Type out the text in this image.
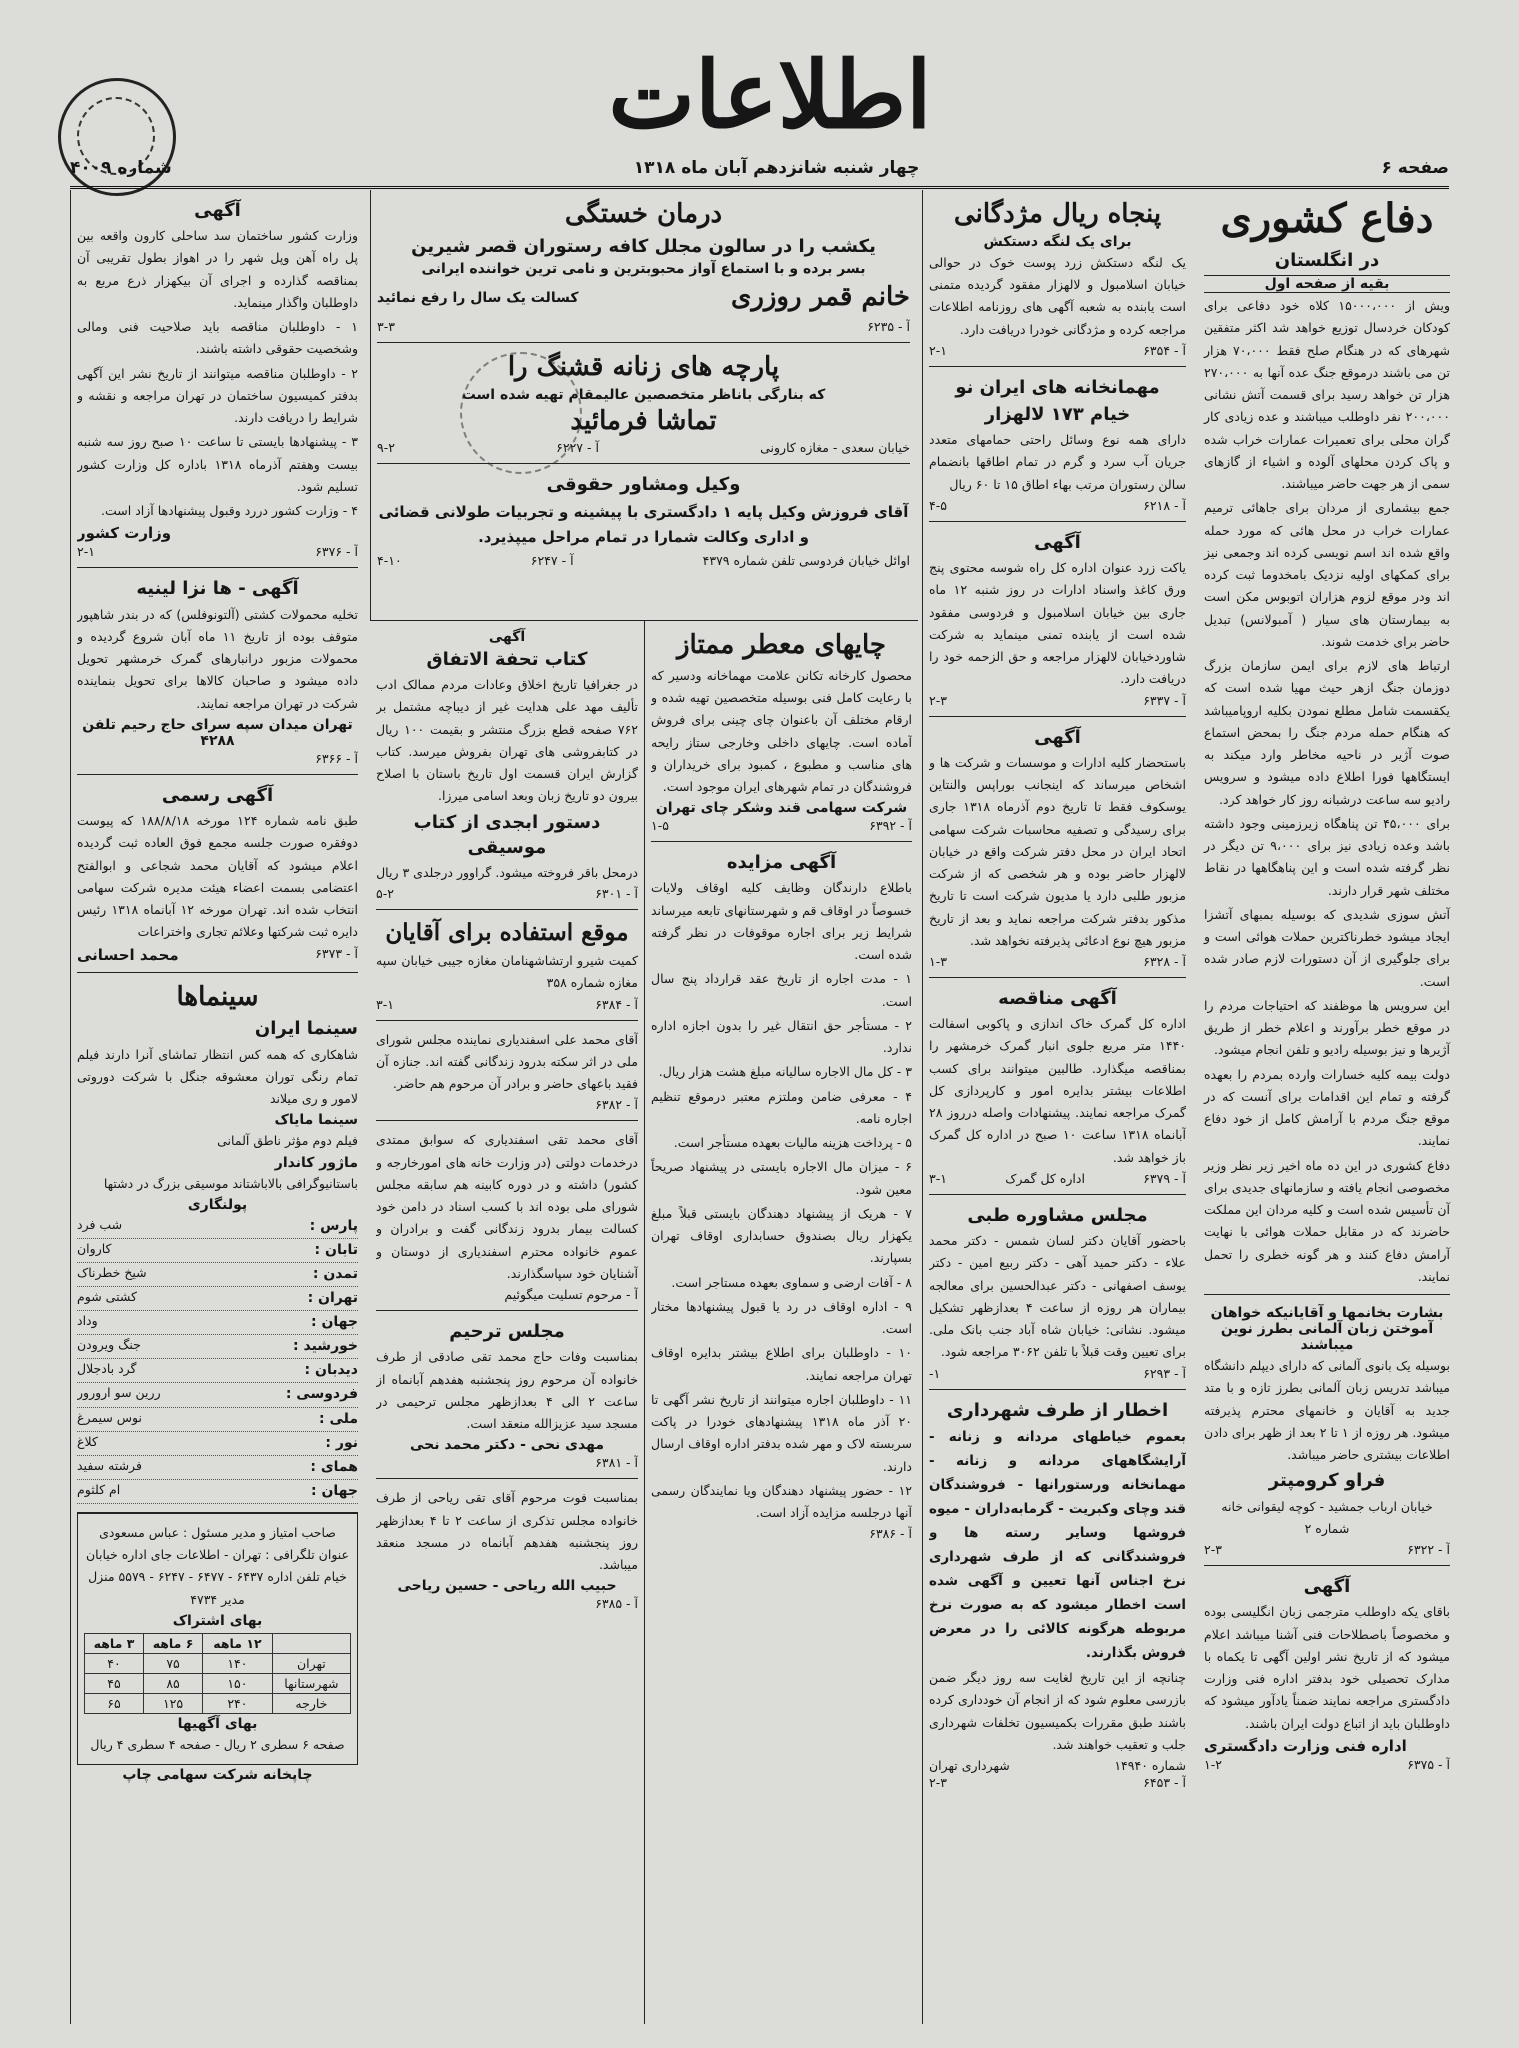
اطلاعات
صفحه ۶
چهار شنبه شانزدهم آبان ماه ۱۳۱۸
شماره ۴۰۰۹
دفاع کشوری
در انگلستان
بقیه از صفحه اول

ویش از ۱۵۰۰۰،۰۰۰ کلاه خود دفاعی برای کودکان خردسال توزیع خواهد شد اکثر متفقین شهرهای که در هنگام صلح فقط ۷۰،۰۰۰ هزار تن می باشند درموقع جنگ عده آنها به ۲۷۰،۰۰۰ هزار تن خواهد رسید برای قسمت آتش نشانی ۲۰۰،۰۰۰ نفر داوطلب میباشند و عده زیادی کار گران محلی برای تعمیرات عمارات خراب شده و پاک کردن محلهای آلوده و اشیاء از گازهای سمی از هر جهت حاضر میباشند.

جمع بیشماری از مردان برای جاهائی ترمیم عمارات خراب در محل هائی که مورد حمله واقع شده اند اسم نویسی کرده اند وجمعی نیز برای کمکهای اولیه نزدیک بامخدوما ثبت کرده اند ودر موقع لزوم هزاران اتوبوس مکن است به بیمارستان های سیار ( آمبولانس) تبدیل حاضر برای خدمت شوند.

ارتباط های لازم برای ایمن سازمان بزرگ دوزمان جنگ ازهر حیث مهیا شده است که یکقسمت شامل مطلع نمودن بکلیه اروپامیباشد که هنگام حمله مردم جنگ را بمحض استماع صوت آژیر در ناحیه مخاطر وارد میکند به ایستگاهها فورا اطلاع داده میشود و سرویس رادیو سه ساعت درشبانه روز کار خواهد کرد.

برای ۴۵،۰۰۰ تن پناهگاه زیرزمینی وجود داشته باشد وعده زیادی نیز برای ۹،۰۰۰ تن دیگر در نظر گرفته شده است و این پناهگاهها در نقاط مختلف شهر قرار دارند.

آتش سوزی شدیدی که بوسیله بمبهای آتشزا ایجاد میشود خطرناکترین حملات هوائی است و برای جلوگیری از آن دستورات لازم صادر شده است.

این سرویس ها موظفند که احتیاجات مردم را در موقع خطر برآورند و اعلام خطر از طریق آژیرها و نیز بوسیله رادیو و تلفن انجام میشود.

دولت بیمه کلیه خسارات وارده بمردم را بعهده گرفته و تمام این اقدامات برای آنست که در موقع جنگ مردم با آرامش کامل از خود دفاع نمایند.

دفاع کشوری در این ده ماه اخیر زیر نظر وزیر مخصوصی انجام یافته و سازمانهای جدیدی برای آن تأسیس شده است و کلیه مردان این مملکت حاضرند که در مقابل حملات هوائی با نهایت آرامش دفاع کنند و هر گونه خطری را تحمل نمایند.

بشارت بخانمها و آقایانیکه خواهان آموختن زبان آلمانی بطرز نوین میباشند

بوسیله یک بانوی آلمانی که دارای دیپلم دانشگاه میباشد تدریس زبان آلمانی بطرز تازه و با متد جدید به آقایان و خانمهای محترم پذیرفته میشود. هر روزه از ۱ تا ۲ بعد از ظهر برای دادن اطلاعات بیشتری حاضر میباشد.

فراو کرومپتر

خیابان ارباب جمشید - کوچه لیقوانی خانه شماره ۲

آ - ۶۳۲۲
۲-۳
آگهی

باقای یکه داوطلب مترجمی زبان انگلیسی بوده و مخصوصاً باصطلاحات فنی آشنا میباشد اعلام میشود که از تاریخ نشر اولین آگهی تا یکماه با مدارک تحصیلی خود بدفتر اداره فنی وزارت دادگستری مراجعه نمایند ضمناً یادآور میشود که داوطلبان باید از اتباع دولت ایران باشند.

اداره فنی وزارت دادگستری
آ - ۶۳۷۵
۱-۲
پنجاه ریال مژدگانی
برای یک لنگه دستکش

یک لنگه دستکش زرد پوست خوک در حوالی خیابان اسلامبول و لالهزار مفقود گردیده متمنی است یابنده به شعبه آگهی های روزنامه اطلاعات مراجعه کرده و مژدگانی خودرا دریافت دارد.

آ - ۶۳۵۴
۲-۱
مهمانخانه های ایران نو
خیام ۱۷۳ لالهزار

دارای همه نوع وسائل راحتی حمامهای متعدد جریان آب سرد و گرم در تمام اطاقها بانضمام سالن رستوران مرتب بهاء اطاق ۱۵ تا ۶۰ ریال

آ - ۶۲۱۸
۴-۵
آگهی

یاکت زرد عنوان اداره کل راه شوسه محتوی پنج ورق کاغذ واسناد ادارات در روز شنبه ۱۲ ماه جاری بین خیابان اسلامبول و فردوسی مفقود شده است از یابنده تمنی مینماید به شرکت شاوردخیابان لالهزار مراجعه و حق الزحمه خود را دریافت دارد.

آ - ۶۳۳۷
۲-۳
آگهی

باستحضار کلیه ادارات و موسسات و شرکت ها و اشخاص میرساند که اینجانب بوراپس والنتاین یوسکوف فقط تا تاریخ دوم آذرماه ۱۳۱۸ جاری برای رسیدگی و تصفیه محاسبات شرکت سهامی اتحاد ایران در محل دفتر شرکت واقع در خیابان لالهزار حاضر بوده و هر شخصی که از شرکت مزبور طلبی دارد یا مدیون شرکت است تا تاریخ مذکور بدفتر شرکت مراجعه نماید و بعد از تاریخ مزبور هیچ نوع ادعائی پذیرفته نخواهد شد.

آ - ۶۳۲۸
۱-۳
آگهی مناقصه

اداره کل گمرک خاک اندازی و پاکوبی اسفالت ۱۴۴۰ متر مربع جلوی انبار گمرک خرمشهر را بمناقصه میگذارد. طالبین میتوانند برای کسب اطلاعات بیشتر بدایره امور و کارپردازی کل گمرک مراجعه نمایند. پیشنهادات واصله درروز ۲۸ آبانماه ۱۳۱۸ ساعت ۱۰ صبح در اداره کل گمرک باز خواهد شد.

آ - ۶۳۷۹
اداره کل گمرک
۳-۱
مجلس مشاوره طبی

باحضور آقایان دکتر لسان شمس - دکتر محمد علاء - دکتر حمید آهی - دکتر ربیع امین - دکتر یوسف اصفهانی - دکتر عبدالحسین برای معالجه بیماران هر روزه از ساعت ۴ بعدازظهر تشکیل میشود. نشانی: خیابان شاه آباد جنب بانک ملی. برای تعیین وقت قبلاً با تلفن ۳۰۶۲ مراجعه شود.

آ - ۶۲۹۳
۱-
اخطار از طرف شهرداری

بعموم خیاطهای مردانه و زنانه - آرایشگاههای مردانه و زنانه - مهمانخانه ورستورانها - فروشندگان قند وچای وکبریت - گرمابه‌داران - میوه فروشها وسایر رسته ها و فروشندگانی که از طرف شهرداری نرخ اجناس آنها تعیین و آگهی شده است اخطار میشود که به صورت نرخ مربوطه هرگونه کالائی را در معرض فروش بگذارند.

چنانچه از این تاریخ لغایت سه روز دیگر ضمن بازرسی معلوم شود که از انجام آن خودداری کرده باشند طبق مقررات بکمیسیون تخلفات شهرداری جلب و تعقیب خواهند شد.

شماره ۱۴۹۴۰
شهرداری تهران
آ - ۶۴۵۳
۲-۳
درمان خستگی
یکشب را در سالون مجلل کافه رستوران قصر شیرین
بسر برده و با استماع آواز محبوبترین و نامی ترین خواننده ایرانی
خانم قمر روزری
کسالت یک سال را رفع نمائید
آ - ۶۲۳۵
۳-۳
پارچه های زنانه قشنگ را
که بنارگی باناظر متخصصین عالیمقام تهیه شده است
تماشا فرمائید
خیابان سعدی - مغازه کارونی
آ - ۶۲۲۷
۹-۲
وکیل ومشاور حقوقی
آقای فروزش وکیل پایه ۱ دادگستری با پیشینه و تجربیات طولانی قضائی و اداری وکالت شمارا در تمام مراحل میپذیرد.
اوائل خیابان فردوسی تلفن شماره ۴۳۷۹
آ - ۶۲۴۷
۴-۱۰
چایهای معطر ممتاز

محصول کارخانه تکانن علامت مهماخانه ودسیر که با رعایت کامل فنی بوسیله متخصصین تهیه شده و ارقام مختلف آن باعنوان چای چینی برای فروش آماده است. چایهای داخلی وخارجی ستاز رایحه های مناسب و مطبوع ، کمبود برای خریداران و فروشندگان در تمام شهرهای ایران موجود است.

شرکت سهامی قند وشکر چای تهران
آ - ۶۳۹۲
۱-۵
آگهی مزایده

باطلاع دارندگان وظایف کلیه اوقاف ولایات خسوصاً در اوقاف قم و شهرستانهای تابعه میرساند شرایط زیر برای اجاره موقوفات در نظر گرفته شده است.

۱ - مدت اجاره از تاریخ عقد قرارداد پنج سال است.

۲ - مستأجر حق انتقال غیر را بدون اجازه اداره ندارد.

۳ - کل مال الاجاره سالیانه مبلغ هشت هزار ریال.

۴ - معرفی ضامن وملتزم معتبر درموقع تنظیم اجاره نامه.

۵ - پرداخت هزینه مالیات بعهده مستأجر است.

۶ - میزان مال الاجاره بایستی در پیشنهاد صریحاً معین شود.

۷ - هریک از پیشنهاد دهندگان بایستی قبلاً مبلغ یکهزار ریال بصندوق حسابداری اوقاف تهران بسپارند.

۸ - آفات ارضی و سماوی بعهده مستاجر است.

۹ - اداره اوقاف در رد یا قبول پیشنهادها مختار است.

۱۰ - داوطلبان برای اطلاع بیشتر بدایره اوقاف تهران مراجعه نمایند.

۱۱ - داوطلبان اجاره میتوانند از تاریخ نشر آگهی تا ۲۰ آذر ماه ۱۳۱۸ پیشنهادهای خودرا در پاکت سربسته لاک و مهر شده بدفتر اداره اوقاف ارسال دارند.

۱۲ - حضور پیشنهاد دهندگان ویا نمایندگان رسمی آنها درجلسه مزایده آزاد است.

آ - ۶۳۸۶
آگهی
کتاب تحفة الاتفاق

در جغرافیا تاریخ اخلاق وعادات مردم ممالک ادب تألیف مهد علی هدایت غیر از دیباچه مشتمل بر ۷۶۲ صفحه قطع بزرگ منتشر و بقیمت ۱۰۰ ریال در کتابفروشی های تهران بفروش میرسد. کتاب گزارش ایران قسمت اول تاریخ باستان با اصلاح بیرون دو تاریخ زبان وبعد اسامی میرزا.

دستور ابجدی از کتاب موسیقی

درمحل باقر فروخته میشود. گراوور درجلدی ۳ ریال

آ - ۶۳۰۱
۵-۲
موقع استفاده برای آقایان

کمیت شیرو ارتشاشهنامان مغازه جیبی خیابان سپه مغازه شماره ۳۵۸

آ - ۶۳۸۴
۳-۱

آقای محمد علی اسفندیاری نماینده مجلس شورای ملی در اثر سکته بدرود زندگانی گفته اند. جنازه آن فقید باعهای حاضر و برادر آن مرحوم هم حاضر.

آ - ۶۳۸۲

آقای محمد تقی اسفندیاری که سوابق ممتدی درخدمات دولتی (در وزارت خانه های امورخارجه و کشور) داشته و در دوره کابینه هم سابقه مجلس شورای ملی بوده اند با کسب اسناد در دامن خود کسالت بیمار بدرود زندگانی گفت و برادران و عموم خانواده محترم اسفندیاری از دوستان و آشنایان خود سپاسگذارند.

آ - مرحوم تسلیت میگوئیم
مجلس ترحیم

بمناسبت وفات حاج محمد تقی صادقی از طرف خانواده آن مرحوم روز پنجشنبه هفدهم آبانماه از ساعت ۲ الی ۴ بعدازظهر مجلس ترحیمی در مسجد سید عزیزالله منعقد است.

مهدی نحی - دکتر محمد نحی
آ - ۶۳۸۱

بمناسبت فوت مرحوم آقای تقی ریاحی از طرف خانواده مجلس تذکری از ساعت ۲ تا ۴ بعدازظهر روز پنجشنبه هفدهم آبانماه در مسجد منعقد میباشد.

حبیب الله ریاحی - حسین ریاحی
آ - ۶۳۸۵
آگهی

وزارت کشور ساختمان سد ساحلی کارون واقعه بین پل راه آهن وپل شهر را در اهواز بطول تقریبی آن بمناقصه گذارده و اجرای آن بیکهزار ذرع مربع به داوطلبان واگذار مینماید.

۱ - داوطلبان مناقصه باید صلاحیت فنی ومالی وشخصیت حقوقی داشته باشند.

۲ - داوطلبان مناقصه میتوانند از تاریخ نشر این آگهی بدفتر کمیسیون ساختمان در تهران مراجعه و نقشه و شرایط را دریافت دارند.

۳ - پیشنهادها بایستی تا ساعت ۱۰ صبح روز سه شنبه بیست وهفتم آذرماه ۱۳۱۸ باداره کل وزارت کشور تسلیم شود.

۴ - وزارت کشور دررد وقبول پیشنهادها آزاد است.

وزارت کشور
آ - ۶۳۷۶
۲-۱
آگهی - ها نزا لینیه

تخلیه محمولات کشتی (آلتونوفلس) که در بندر شاهپور متوقف بوده از تاریخ ۱۱ ماه آبان شروع گردیده و محمولات مزبور درانبارهای گمرک خرمشهر تحویل داده میشود و صاحبان کالاها برای تحویل بنماینده شرکت در تهران مراجعه نمایند.

تهران میدان سپه سرای حاج رحیم تلفن ۴۲۸۸
آ - ۶۳۶۶
آگهی رسمی

طبق نامه شماره ۱۲۴ مورخه ۱۸۸/۸/۱۸ که پیوست دوفقره صورت جلسه مجمع فوق العاده ثبت گردیده اعلام میشود که آقایان محمد شجاعی و ابوالفتح اعتضامی بسمت اعضاء هیئت مدیره شرکت سهامی انتخاب شده اند. تهران مورخه ۱۲ آبانماه ۱۳۱۸ رئیس دایره ثبت شرکتها وعلائم تجاری واختراعات

آ - ۶۳۷۳
محمد احسانی
سینماها
سینما ایران

شاهکاری که همه کس انتظار تماشای آنرا دارند فیلم تمام رنگی توران معشوقه جنگل با شرکت دوروتی لامور و ری میلاند

سینما مایاک

فیلم دوم مؤثر ناطق آلمانی

ماژور کاندار

باستانیوگرافی بالاباشتاند موسیقی بزرگ در دشتها

پولنگاری
پارس :
شب فرد
تابان :
کاروان
تمدن :
شیخ خطرناک
تهران :
کشتی شوم
جهان :
وداد
خورشید :
جنگ ویرودن
دیدبان :
گرد بادجلال
فردوسی :
ررین سو ارورور
ملی :
نوس سیمرغ
نور :
کلاغ
همای :
فرشته سفید
جهان :
ام کلثوم

صاحب امتیاز و مدیر مسئول : عباس مسعودی عنوان تلگرافی : تهران - اطلاعات جای اداره خیابان خیام تلفن اداره ۶۴۳۷ - ۶۴۷۷ - ۶۲۴۷ - ۵۵۷۹ منزل مدیر ۴۷۳۴

بهای اشتراک
	۱۲ ماهه	۶ ماهه	۳ ماهه
تهران	۱۴۰	۷۵	۴۰
شهرستانها	۱۵۰	۸۵	۴۵
خارجه	۲۴۰	۱۲۵	۶۵
بهای آگهیها

صفحه ۶ سطری ۲ ریال - صفحه ۴ سطری ۴ ریال

چاپخانه شرکت سهامی چاپ
